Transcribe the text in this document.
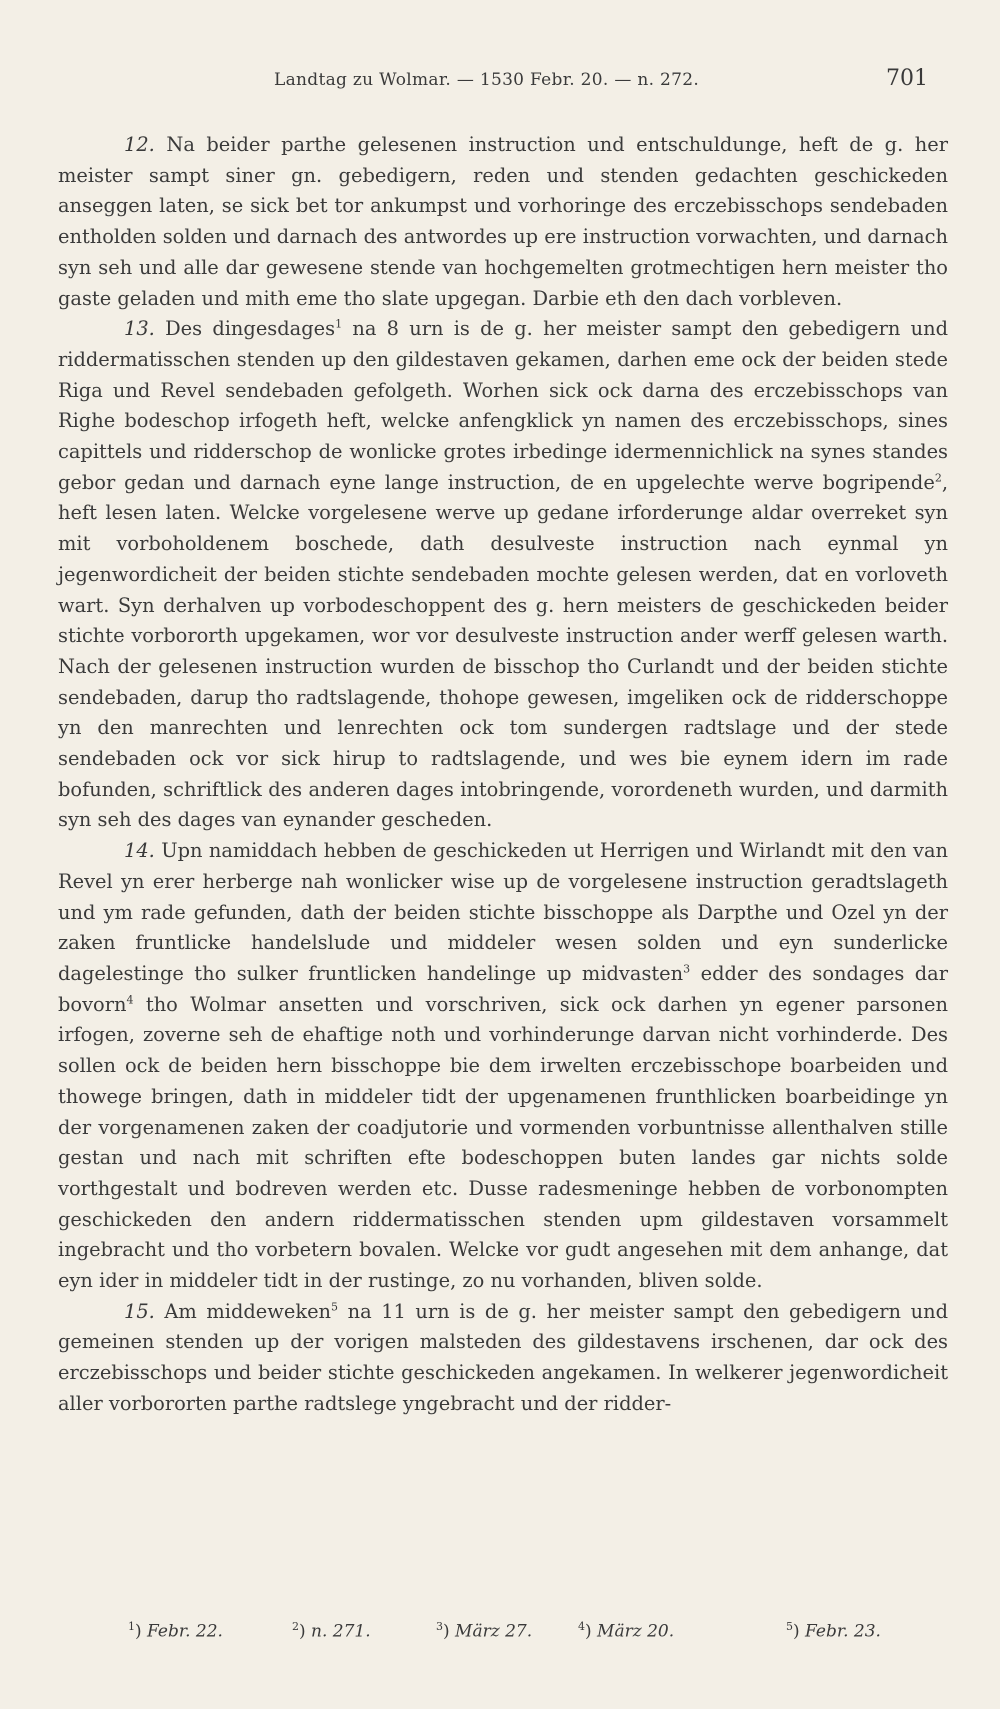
Landtag zu Wolmar. — 1530 Febr. 20. — n. 272.	701

12. Na beider parthe gelesenen instruction und entschuldunge, heft de g. her meister sampt siner gn. gebedigern, reden und stenden gedachten geschickeden anseggen laten, se sick bet tor ankumpst und vorhoringe des erczebisschops sendebaden entholden solden und darnach des antwordes up ere instruction vorwachten, und darnach syn seh und alle dar gewesene stende van hochgemelten grotmechtigen hern meister tho gaste geladen und mith eme tho slate upgegan. Darbie eth den dach vorbleven.

13. Des dingesdages$^1$ na 8 urn is de g. her meister sampt den gebedigern und riddermatisschen stenden up den gildestaven gekamen, darhen eme ock der beiden stede Riga und Revel sendebaden gefolgeth. Worhen sick ock darna des erczebisschops van Righe bodeschop irfogeth heft, welcke anfengklick yn namen des erczebisschops, sines capittels und ridderschop de wonlicke grotes irbedinge idermennichlick na synes standes gebor gedan und darnach eyne lange instruction, de en upgelechte werve bogripende$^2$, heft lesen laten. Welcke vorgelesene werve up gedane irforderunge aldar overreket syn mit vorboholdenem boschede, dath desulveste instruction nach eynmal yn jegenwordicheit der beiden stichte sendebaden mochte gelesen werden, dat en vorloveth wart. Syn derhalven up vorbodeschoppent des g. hern meisters de geschickeden beider stichte vorbororth upgekamen, wor vor desulveste instruction ander werff gelesen warth. Nach der gelesenen instruction wurden de bisschop tho Curlandt und der beiden stichte sendebaden, darup tho radtslagende, thohope gewesen, imgeliken ock de ridderschoppe yn den manrechten und lenrechten ock tom sundergen radtslage und der stede sendebaden ock vor sick hirup to radtslagende, und wes bie eynem idern im rade bofunden, schriftlick des anderen dages intobringende, vorordeneth wurden, und darmith syn seh des dages van eynander gescheden.

14. Upn namiddach hebben de geschickeden ut Herrigen und Wirlandt mit den van Revel yn erer herberge nah wonlicker wise up de vorgelesene instruction geradtslageth und ym rade gefunden, dath der beiden stichte bisschoppe als Darpthe und Ozel yn der zaken fruntlicke handelslude und middeler wesen solden und eyn sunderlicke dagelestinge tho sulker fruntlicken handelinge up midvasten$^3$ edder des sondages dar bovorn$^4$ tho Wolmar ansetten und vorschriven, sick ock darhen yn egener parsonen irfogen, zoverne seh de ehaftige noth und vorhinderunge darvan nicht vorhinderde. Des sollen ock de beiden hern bisschoppe bie dem irwelten erczebisschope boarbeiden und thowege bringen, dath in middeler tidt der upgenamenen frunthlicken boarbeidinge yn der vorgenamenen zaken der coadjutorie und vormenden vorbuntnisse allenthalven stille gestan und nach mit schriften efte bodeschoppen buten landes gar nichts solde vorthgestalt und bodreven werden etc. Dusse radesmeninge hebben de vorbonompten geschickeden den andern riddermatisschen stenden upm gildestaven vorsammelt ingebracht und tho vorbetern bovalen. Welcke vor gudt angesehen mit dem anhange, dat eyn ider in middeler tidt in der rustinge, zo nu vorhanden, bliven solde.

15. Am middeweken$^5$ na 11 urn is de g. her meister sampt den gebedigern und gemeinen stenden up der vorigen malsteden des gildestavens irschenen, dar ock des erczebisschops und beider stichte geschickeden angekamen. In welkerer jegenwordicheit aller vorbororten parthe radtslege yngebracht und der ridder-

$^1$) Febr. 22.	$^2$) n. 271.	$^3$) März 27.	$^4$) März 20.	$^5$) Febr. 23.
